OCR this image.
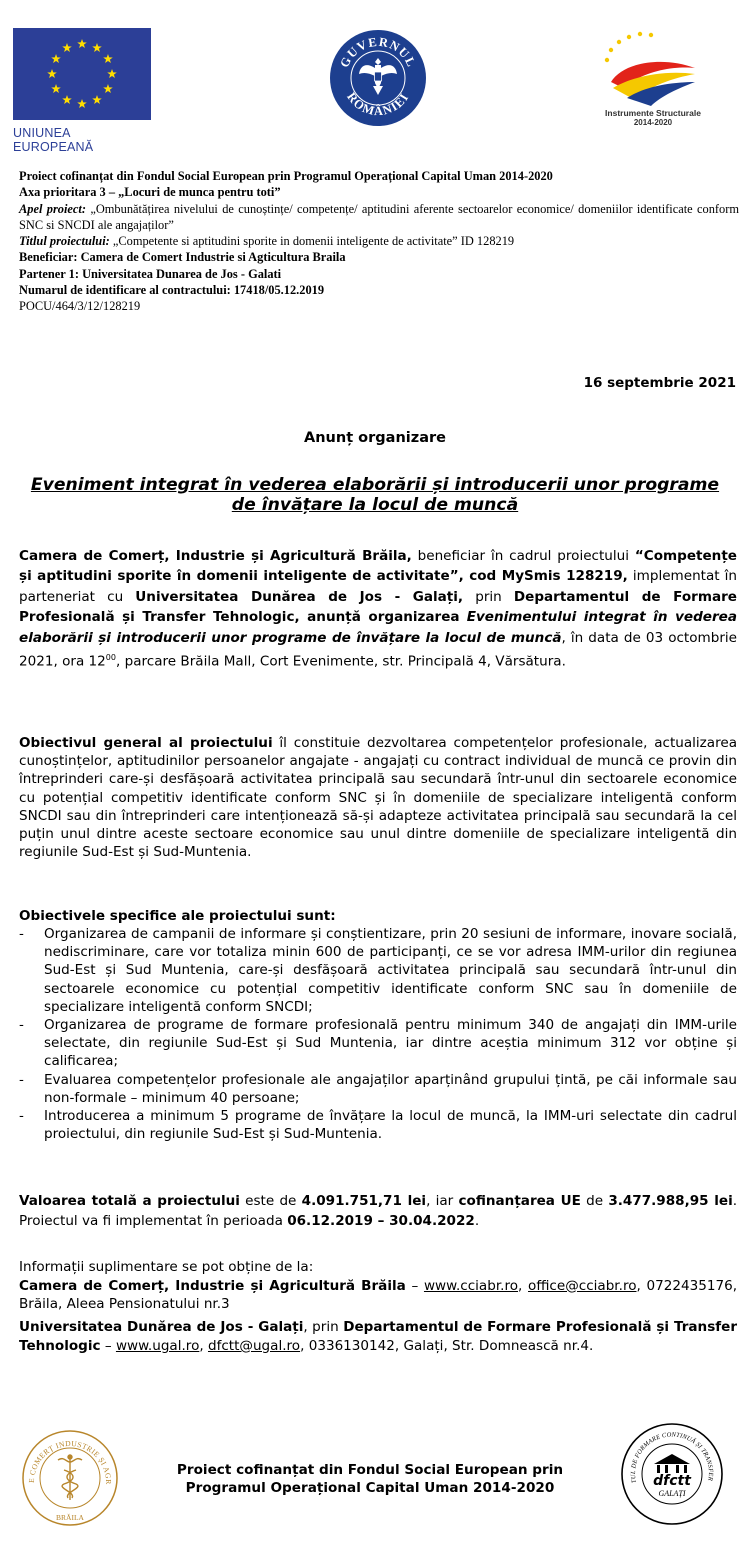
UNIUNEA EUROPEANĂ
GUVERNUL
ROMÂNIEI
Instrumente Structurale
2014-2020
Proiect cofinanțat din Fondul Social European prin Programul Operațional Capital Uman 2014-2020
Axa prioritara 3 – „Locuri de munca pentru toti”
Apel proiect: „Ombunătățirea nivelului de cunoștințe/ competențe/ aptitudini aferente sectoarelor economice/ domeniilor identificate conform SNC si SNCDI ale angajaților”
Titlul proiectului: „Competente si aptitudini sporite in domenii inteligente de activitate” ID 128219
Beneficiar: Camera de Comert Industrie si Agticultura Braila
Partener 1: Universitatea Dunarea de Jos - Galati
Numarul de identificare al contractului: 17418/05.12.2019
POCU/464/3/12/128219
16 septembrie 2021
Anunț organizare
Eveniment integrat în vederea elaborării și introducerii unor programe de învățare la locul de muncă
Camera de Comerț, Industrie și Agricultură Brăila, beneficiar în cadrul proiectului “Competențe și aptitudini sporite în domenii inteligente de activitate”, cod MySmis 128219, implementat în parteneriat cu Universitatea Dunărea de Jos - Galați, prin Departamentul de Formare Profesională și Transfer Tehnologic, anunță organizarea Evenimentului integrat în vederea elaborării și introducerii unor programe de învățare la locul de muncă, în data de 03 octombrie 2021, ora $12^{00}$, parcare Brăila Mall, Cort Evenimente, str. Principală 4, Vărsătura.
Obiectivul general al proiectului îl constituie dezvoltarea competențelor profesionale, actualizarea cunoștințelor, aptitudinilor persoanelor angajate - angajați cu contract individual de muncă ce provin din întreprinderi care-și desfășoară activitatea principală sau secundară într-unul din sectoarele economice cu potențial competitiv identificate conform SNC și în domeniile de specializare inteligentă conform SNCDI sau din întreprinderi care intenționează să-și adapteze activitatea principală sau secundară la cel puțin unul dintre aceste sectoare economice sau unul dintre domeniile de specializare inteligentă din regiunile Sud-Est și Sud-Muntenia.
Obiectivele specifice ale proiectului sunt:
- Organizarea de campanii de informare și conștientizare, prin 20 sesiuni de informare, inovare socială, nediscriminare, care vor totaliza minin 600 de participanți, ce se vor adresa IMM-urilor din regiunea Sud-Est și Sud Muntenia, care-și desfășoară activitatea principală sau secundară într-unul din sectoarele economice cu potențial competitiv identificate conform SNC sau în domeniile de specializare inteligentă conform SNCDI;
- Organizarea de programe de formare profesională pentru minimum 340 de angajați din IMM-urile selectate, din regiunile Sud-Est și Sud Muntenia, iar dintre aceștia minimum 312 vor obține și calificarea;
- Evaluarea competențelor profesionale ale angajaților aparținând grupului țintă, pe căi informale sau non-formale – minimum 40 persoane;
- Introducerea a minimum 5 programe de învățare la locul de muncă, la IMM-uri selectate din cadrul proiectului, din regiunile Sud-Est și Sud-Muntenia.
Valoarea totală a proiectului este de 4.091.751,71 lei, iar cofinanțarea UE de 3.477.988,95 lei. Proiectul va fi implementat în perioada 06.12.2019 – 30.04.2022.
Informații suplimentare se pot obține de la:
Camera de Comerț, Industrie și Agricultură Brăila – www.cciabr.ro, office@cciabr.ro, 0722435176, Brăila, Aleea Pensionatului nr.3
Universitatea Dunărea de Jos - Galați, prin Departamentul de Formare Profesională și Transfer Tehnologic – www.ugal.ro, dfctt@ugal.ro, 0336130142, Galați, Str. Domnească nr.4.
E COMERȚ INDUSTRIE ȘI AGR
BRĂILA
Proiect cofinanțat din Fondul Social European prin
Programul Operațional Capital Uman 2014-2020	TUL DE FORMARE CONTINUĂ ȘI TRANSFER
dfctt
GALAȚI
